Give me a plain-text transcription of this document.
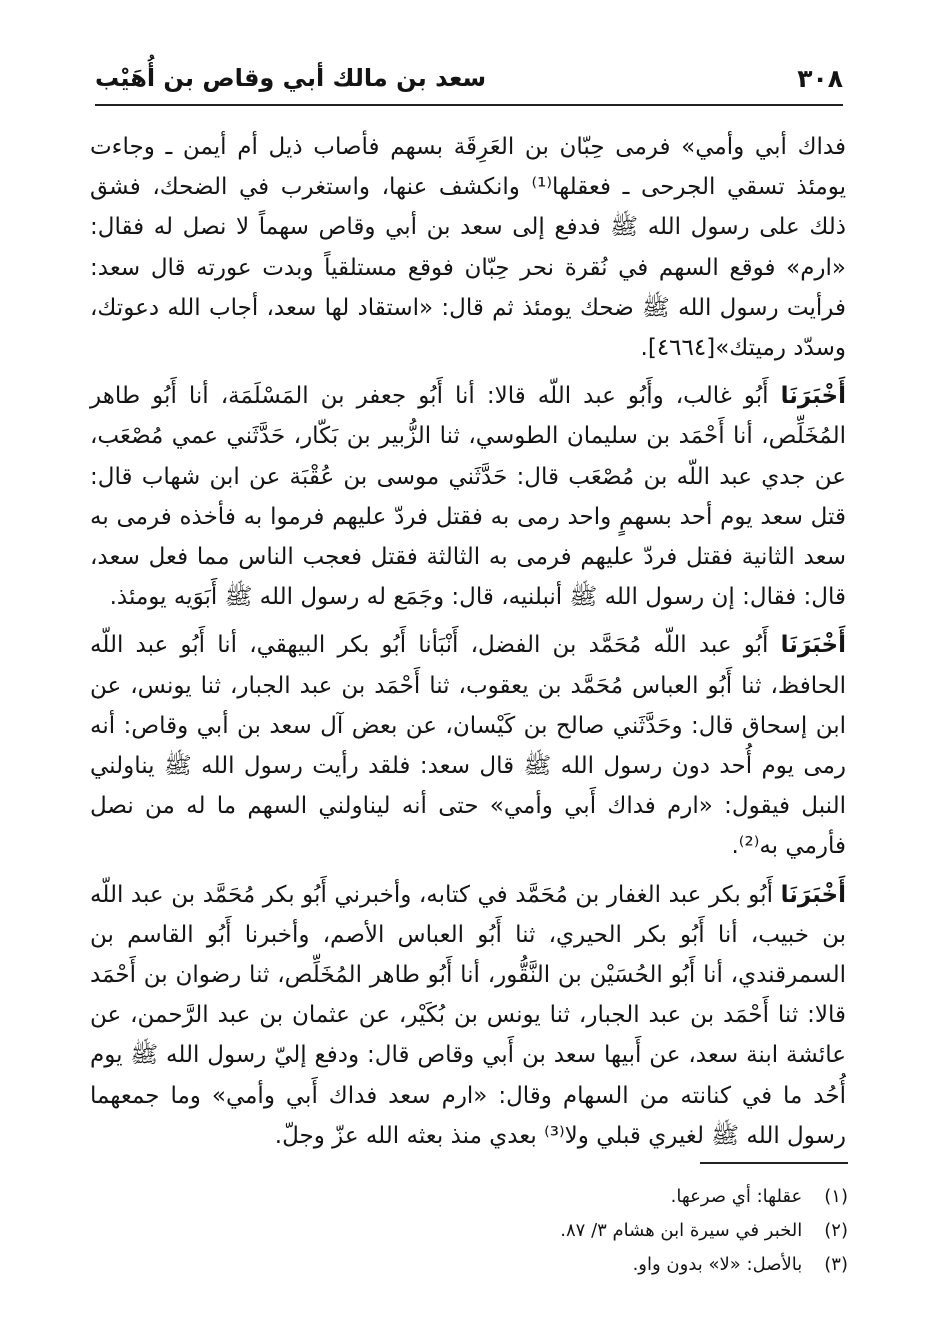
٣٠٨
سعد بن مالك أبي وقاص بن أُهَيْب

فداك أبي وأمي» فرمى حِبّان بن العَرِقَة بسهم فأصاب ذيل أم أيمن ـ وجاءت يومئذ تسقي الجرحى ـ فعقلها⁽¹⁾ وانكشف عنها، واستغرب في الضحك، فشق ذلك على رسول الله ﷺ فدفع إلى سعد بن أبي وقاص سهماً لا نصل له فقال: «ارم» فوقع السهم في نُقرة نحر حِبّان فوقع مستلقياً وبدت عورته قال سعد: فرأيت رسول الله ﷺ ضحك يومئذ ثم قال: «استقاد لها سعد، أجاب الله دعوتك، وسدّد رميتك»[٤٦٦٤].

أَخْبَرَنَا أَبُو غالب، وأَبُو عبد اللّه قالا: أنا أَبُو جعفر بن المَسْلَمَة، أنا أَبُو طاهر المُخَلِّص، أنا أَحْمَد بن سليمان الطوسي، ثنا الزُّبير بن بَكّار، حَدَّثَني عمي مُصْعَب، عن جدي عبد اللّه بن مُصْعَب قال: حَدَّثَني موسى بن عُقْبَة عن ابن شهاب قال: قتل سعد يوم أحد بسهمٍ واحد رمى به فقتل فردّ عليهم فرموا به فأخذه فرمى به سعد الثانية فقتل فردّ عليهم فرمى به الثالثة فقتل فعجب الناس مما فعل سعد، قال: فقال: إن رسول الله ﷺ أنبلنيه، قال: وجَمَع له رسول الله ﷺ أَبَوَيه يومئذ.

أَخْبَرَنَا أَبُو عبد اللّه مُحَمَّد بن الفضل، أَنْبَأنا أَبُو بكر البيهقي، أنا أَبُو عبد اللّه الحافظ، ثنا أَبُو العباس مُحَمَّد بن يعقوب، ثنا أَحْمَد بن عبد الجبار، ثنا يونس، عن ابن إسحاق قال: وحَدَّثَني صالح بن كَيْسان، عن بعض آل سعد بن أبي وقاص: أنه رمى يوم أُحد دون رسول الله ﷺ قال سعد: فلقد رأيت رسول الله ﷺ يناولني النبل فيقول: «ارم فداك أَبي وأمي» حتى أنه ليناولني السهم ما له من نصل فأرمي به⁽²⁾.

أَخْبَرَنَا أَبُو بكر عبد الغفار بن مُحَمَّد في كتابه، وأخبرني أَبُو بكر مُحَمَّد بن عبد اللّه بن خبيب، أنا أَبُو بكر الحيري، ثنا أَبُو العباس الأصم، وأخبرنا أَبُو القاسم بن السمرقندي، أنا أَبُو الحُسَيْن بن النَّقُّور، أنا أَبُو طاهر المُخَلِّص، ثنا رضوان بن أَحْمَد قالا: ثنا أَحْمَد بن عبد الجبار، ثنا يونس بن بُكَيْر، عن عثمان بن عبد الرَّحمن، عن عائشة ابنة سعد، عن أَبيها سعد بن أَبي وقاص قال: ودفع إليّ رسول الله ﷺ يوم أُحُد ما في كنانته من السهام وقال: «ارم سعد فداك أَبي وأمي» وما جمعهما رسول الله ﷺ لغيري قبلي ولا⁽³⁾ بعدي منذ بعثه الله عزّ وجلّ.

(١) عقلها: أي صرعها.
(٢) الخبر في سيرة ابن هشام ٣/ ٨٧.
(٣) بالأصل: «لا» بدون واو.
